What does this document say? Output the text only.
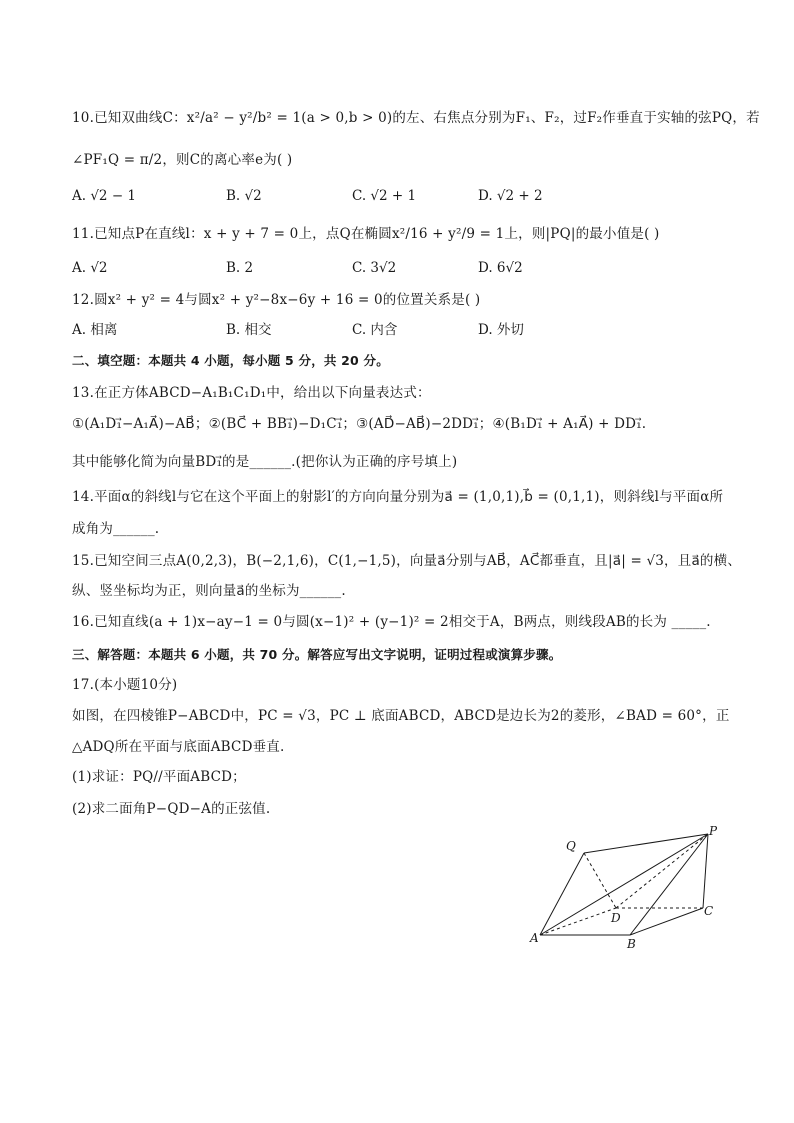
10.已知双曲线C：x²/a² − y²/b² = 1(a > 0,b > 0)的左、右焦点分别为F₁、F₂，过F₂作垂直于实轴的弦PQ，若
∠PF₁Q = π/2，则C的离心率e为( )
A. √2 − 1	B. √2	C. √2 + 1	D. √2 + 2
11.已知点P在直线l：x + y + 7 = 0上，点Q在椭圆x²/16 + y²/9 = 1上，则|PQ|的最小值是( )
A. √2	B. 2	C. 3√2	D. 6√2
12.圆x² + y² = 4与圆x² + y²−8x−6y + 16 = 0的位置关系是( )
A. 相离	B. 相交	C. 内含	D. 外切
二、填空题：本题共 4 小题，每小题 5 分，共 20 分。
13.在正方体ABCD−A₁B₁C₁D₁中，给出以下向量表达式：
①(A₁D₁⃗−A₁A⃗)−AB⃗；②(BC⃗ + BB₁⃗)−D₁C₁⃗；③(AD⃗−AB⃗)−2DD₁⃗；④(B₁D₁⃗ + A₁A⃗) + DD₁⃗.
其中能够化简为向量BD₁⃗的是______.(把你认为正确的序号填上)
14.平面α的斜线l与它在这个平面上的射影l′的方向向量分别为a⃗ = (1,0,1),b⃗ = (0,1,1)，则斜线l与平面α所
成角为______.
15.已知空间三点A(0,2,3)，B(−2,1,6)，C(1,−1,5)，向量a⃗分别与AB⃗，AC⃗都垂直，且|a⃗| = √3，且a⃗的横、
纵、竖坐标均为正，则向量a⃗的坐标为______.
16.已知直线(a + 1)x−ay−1 = 0与圆(x−1)² + (y−1)² = 2相交于A，B两点，则线段AB的长为 _____.
三、解答题：本题共 6 小题，共 70 分。解答应写出文字说明，证明过程或演算步骤。
17.(本小题10分)
如图，在四棱锥P−ABCD中，PC = √3，PC ⊥ 底面ABCD，ABCD是边长为2的菱形，∠BAD = 60°，正
△ADQ所在平面与底面ABCD垂直.
(1)求证：PQ//平面ABCD；
(2)求二面角P−QD−A的正弦值.
Q
P
D	C
A	B
